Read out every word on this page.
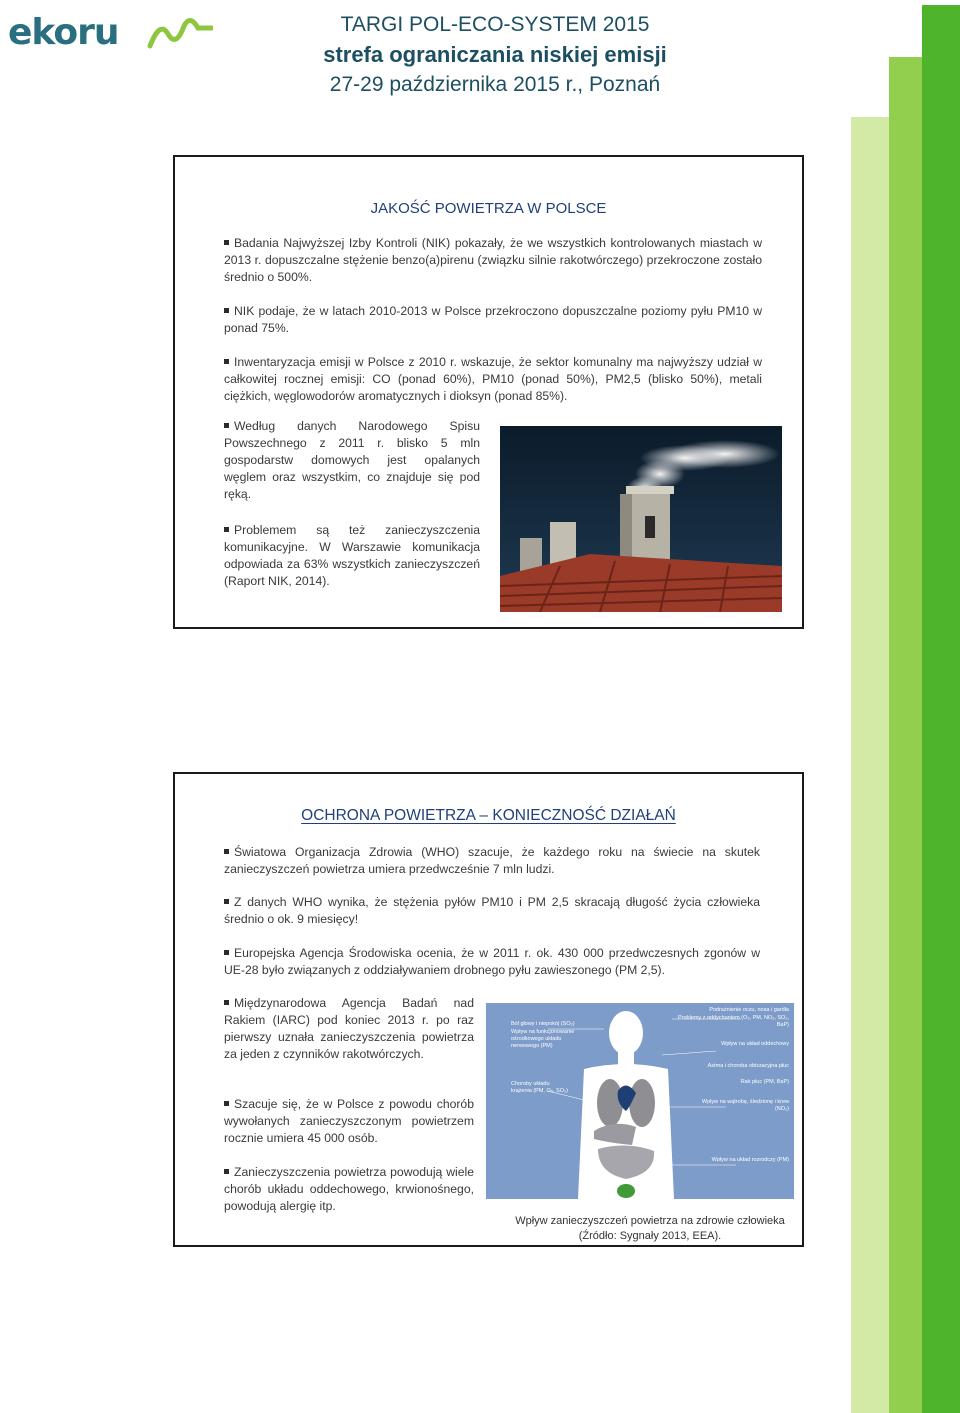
ekoru	TARGI POL-ECO-SYSTEM 2015
strefa ograniczania niskiej emisji
27-29 października 2015 r., Poznań
JAKOŚĆ POWIETRZA W POLSCE
Badania Najwyższej Izby Kontroli (NIK) pokazały, że we wszystkich kontrolowanych miastach w 2013 r. dopuszczalne stężenie benzo(a)pirenu (związku silnie rakotwórczego) przekroczone zostało średnio o 500%.
NIK podaje, że w latach 2010-2013 w Polsce przekroczono dopuszczalne poziomy pyłu PM10 w ponad 75%.
Inwentaryzacja emisji w Polsce z 2010 r. wskazuje, że sektor komunalny ma najwyższy udział w całkowitej rocznej emisji: CO (ponad 60%), PM10 (ponad 50%), PM2,5 (blisko 50%), metali ciężkich, węglowodorów aromatycznych i dioksyn (ponad 85%).
Według danych Narodowego Spisu Powszechnego z 2011 r. blisko 5 mln gospodarstw domowych jest opalanych węglem oraz wszystkim, co znajduje się pod ręką.
Problemem są też zanieczyszczenia komunikacyjne. W Warszawie komunikacja odpowiada za 63% wszystkich zanieczyszczeń (Raport NIK, 2014).
OCHRONA POWIETRZA – KONIECZNOŚĆ DZIAŁAŃ
Światowa Organizacja Zdrowia (WHO) szacuje, że każdego roku na świecie na skutek zanieczyszczeń powietrza umiera przedwcześnie 7 mln ludzi.
Z danych WHO wynika, że stężenia pyłów PM10 i PM 2,5 skracają długość życia człowieka średnio o ok. 9 miesięcy!
Europejska Agencja Środowiska ocenia, że w 2011 r. ok. 430 000 przedwczesnych zgonów w UE-28 było związanych z oddziaływaniem drobnego pyłu zawieszonego (PM 2,5).
Międzynarodowa Agencja Badań nad Rakiem (IARC) pod koniec 2013 r. po raz pierwszy uznała zanieczyszczenia powietrza za jeden z czynników rakotwórczych.
Szacuje się, że w Polsce z powodu chorób wywołanych zanieczyszczonym powietrzem rocznie umiera 45 000 osób.
Zanieczyszczenia powietrza powodują wiele chorób układu oddechowego, krwionośnego, powodują alergię itp.
Ból głowy i niepokój (SO₂)
Wpływ na funkcjonowanie ośrodkowego układu nerwowego (PM)
Choroby układu krążenia (PM, O₃, SO₂)
Podrażnienie oczu, nosa i gardła
Problemy z oddychaniem (O₃, PM, NO₂, SO₂, BaP)
Wpływ na układ oddechowy
Astma i choroba obturacyjna płuc
Rak płuc (PM, BaP)
Wpływ na wątrobę, śledzionę i krew (NO₂)
Wpływ na układ rozrodczy (PM)
Wpływ zanieczyszczeń powietrza na zdrowie człowieka
(Źródło: Sygnały 2013, EEA).
